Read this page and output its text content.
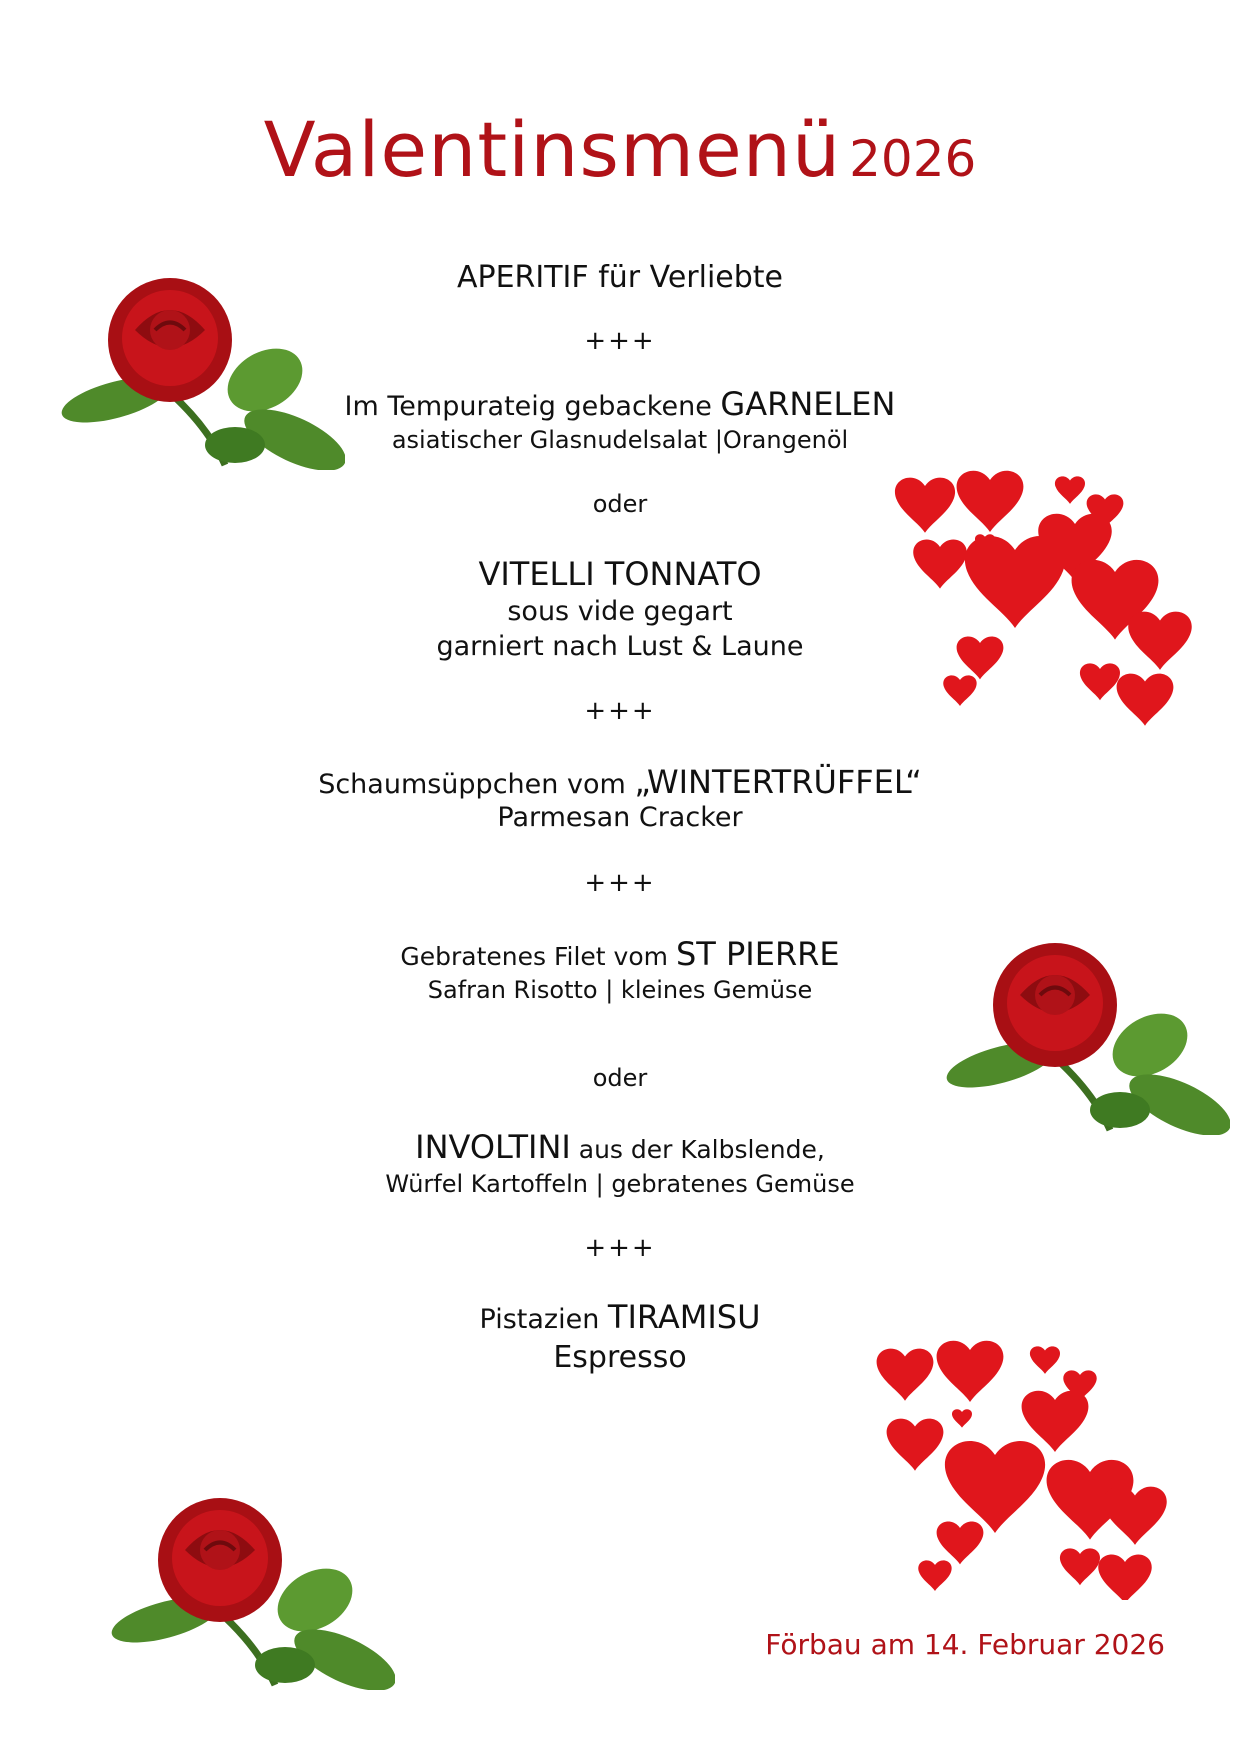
Valentinsmenü 2026
APERITIF für Verliebte
+++
Im Tempurateig gebackene GARNELEN
asiatischer Glasnudelsalat |Orangenöl
oder
VITELLI TONNATO
sous vide gegart
garniert nach Lust & Laune
+++
Schaumsüppchen vom „WINTERTRÜFFEL“
Parmesan Cracker
+++
Gebratenes Filet vom ST PIERRE
Safran Risotto | kleines Gemüse
oder
INVOLTINI aus der Kalbslende,
Würfel Kartoffeln | gebratenes Gemüse
+++
Pistazien TIRAMISU
Espresso
Förbau am 14. Februar 2026
